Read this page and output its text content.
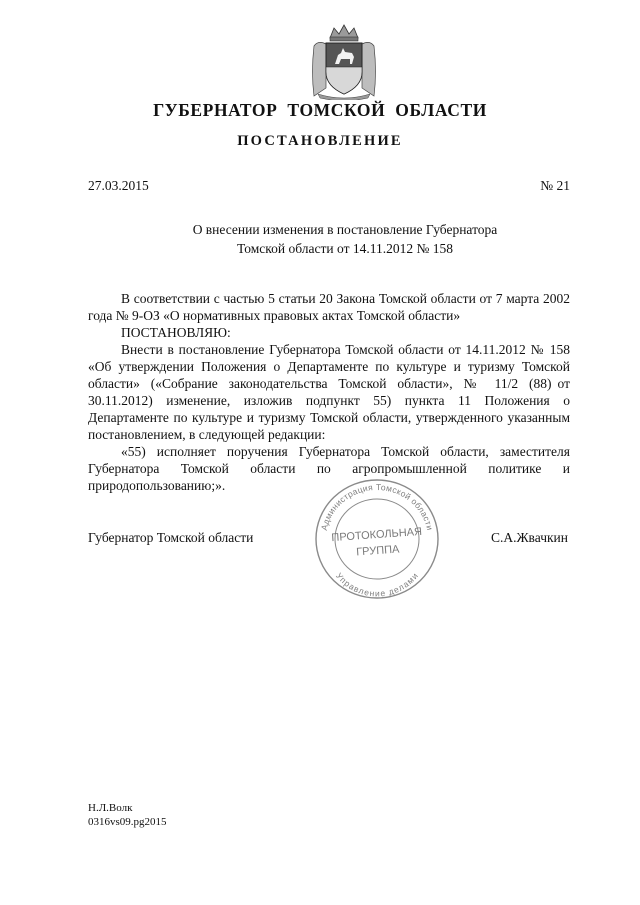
ГУБЕРНАТОР ТОМСКОЙ ОБЛАСТИ
ПОСТАНОВЛЕНИЕ
27.03.2015	№ 21
О внесении изменения в постановление Губернатора
Томской области от 14.11.2012 № 158

В соответствии с частью 5 статьи 20 Закона Томской области от 7 марта 2002 года № 9-ОЗ «О нормативных правовых актах Томской области»

ПОСТАНОВЛЯЮ:

Внести в постановление Губернатора Томской области от 14.11.2012 № 158 «Об утверждении Положения о Департаменте по культуре и туризму Томской области» («Собрание законодательства Томской области», № 11/2 (88) от 30.11.2012) изменение, изложив подпункт 55) пункта 11 Положения о Департаменте по культуре и туризму Томской области, утвержденного указанным постановлением, в следующей редакции:

«55) исполняет поручения Губернатора Томской области, заместителя Губернатора Томской области по агропромышленной политике и природопользованию;».

Губернатор Томской области	С.А.Жвачкин
Администрация Томской области
Управление делами
ПРОТОКОЛЬНАЯ
ГРУППА
Н.Л.Волк
0316vs09.pg2015
